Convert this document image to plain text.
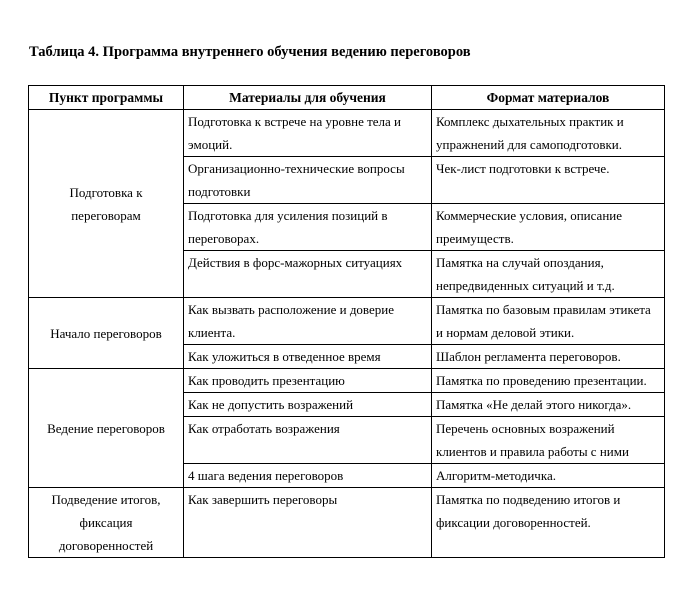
Таблица 4. Программа внутреннего обучения ведению переговоров
Пункт программы	Материалы для обучения	Формат материалов
Подготовка к переговорам	Подготовка к встрече на уровне тела и эмоций.	Комплекс дыхательных практик и упражнений для самоподготовки.
	Организационно-технические вопросы подготовки	Чек-лист подготовки к встрече.
	Подготовка для усиления позиций в переговорах.	Коммерческие условия, описание преимуществ.
	Действия в форс-мажорных ситуациях	Памятка на случай опоздания, непредвиденных ситуаций и т.д.
Начало переговоров	Как вызвать расположение и доверие клиента.	Памятка по базовым правилам этикета и нормам деловой этики.
	Как уложиться в отведенное время	Шаблон регламента переговоров.
Ведение переговоров	Как проводить презентацию	Памятка по проведению презентации.
	Как не допустить возражений	Памятка «Не делай этого никогда».
	Как отработать возражения	Перечень основных возражений клиентов и правила работы с ними
	4 шага ведения переговоров	Алгоритм-методичка.
Подведение итогов, фиксация договоренностей	Как завершить переговоры	Памятка по подведению итогов и фиксации договоренностей.
